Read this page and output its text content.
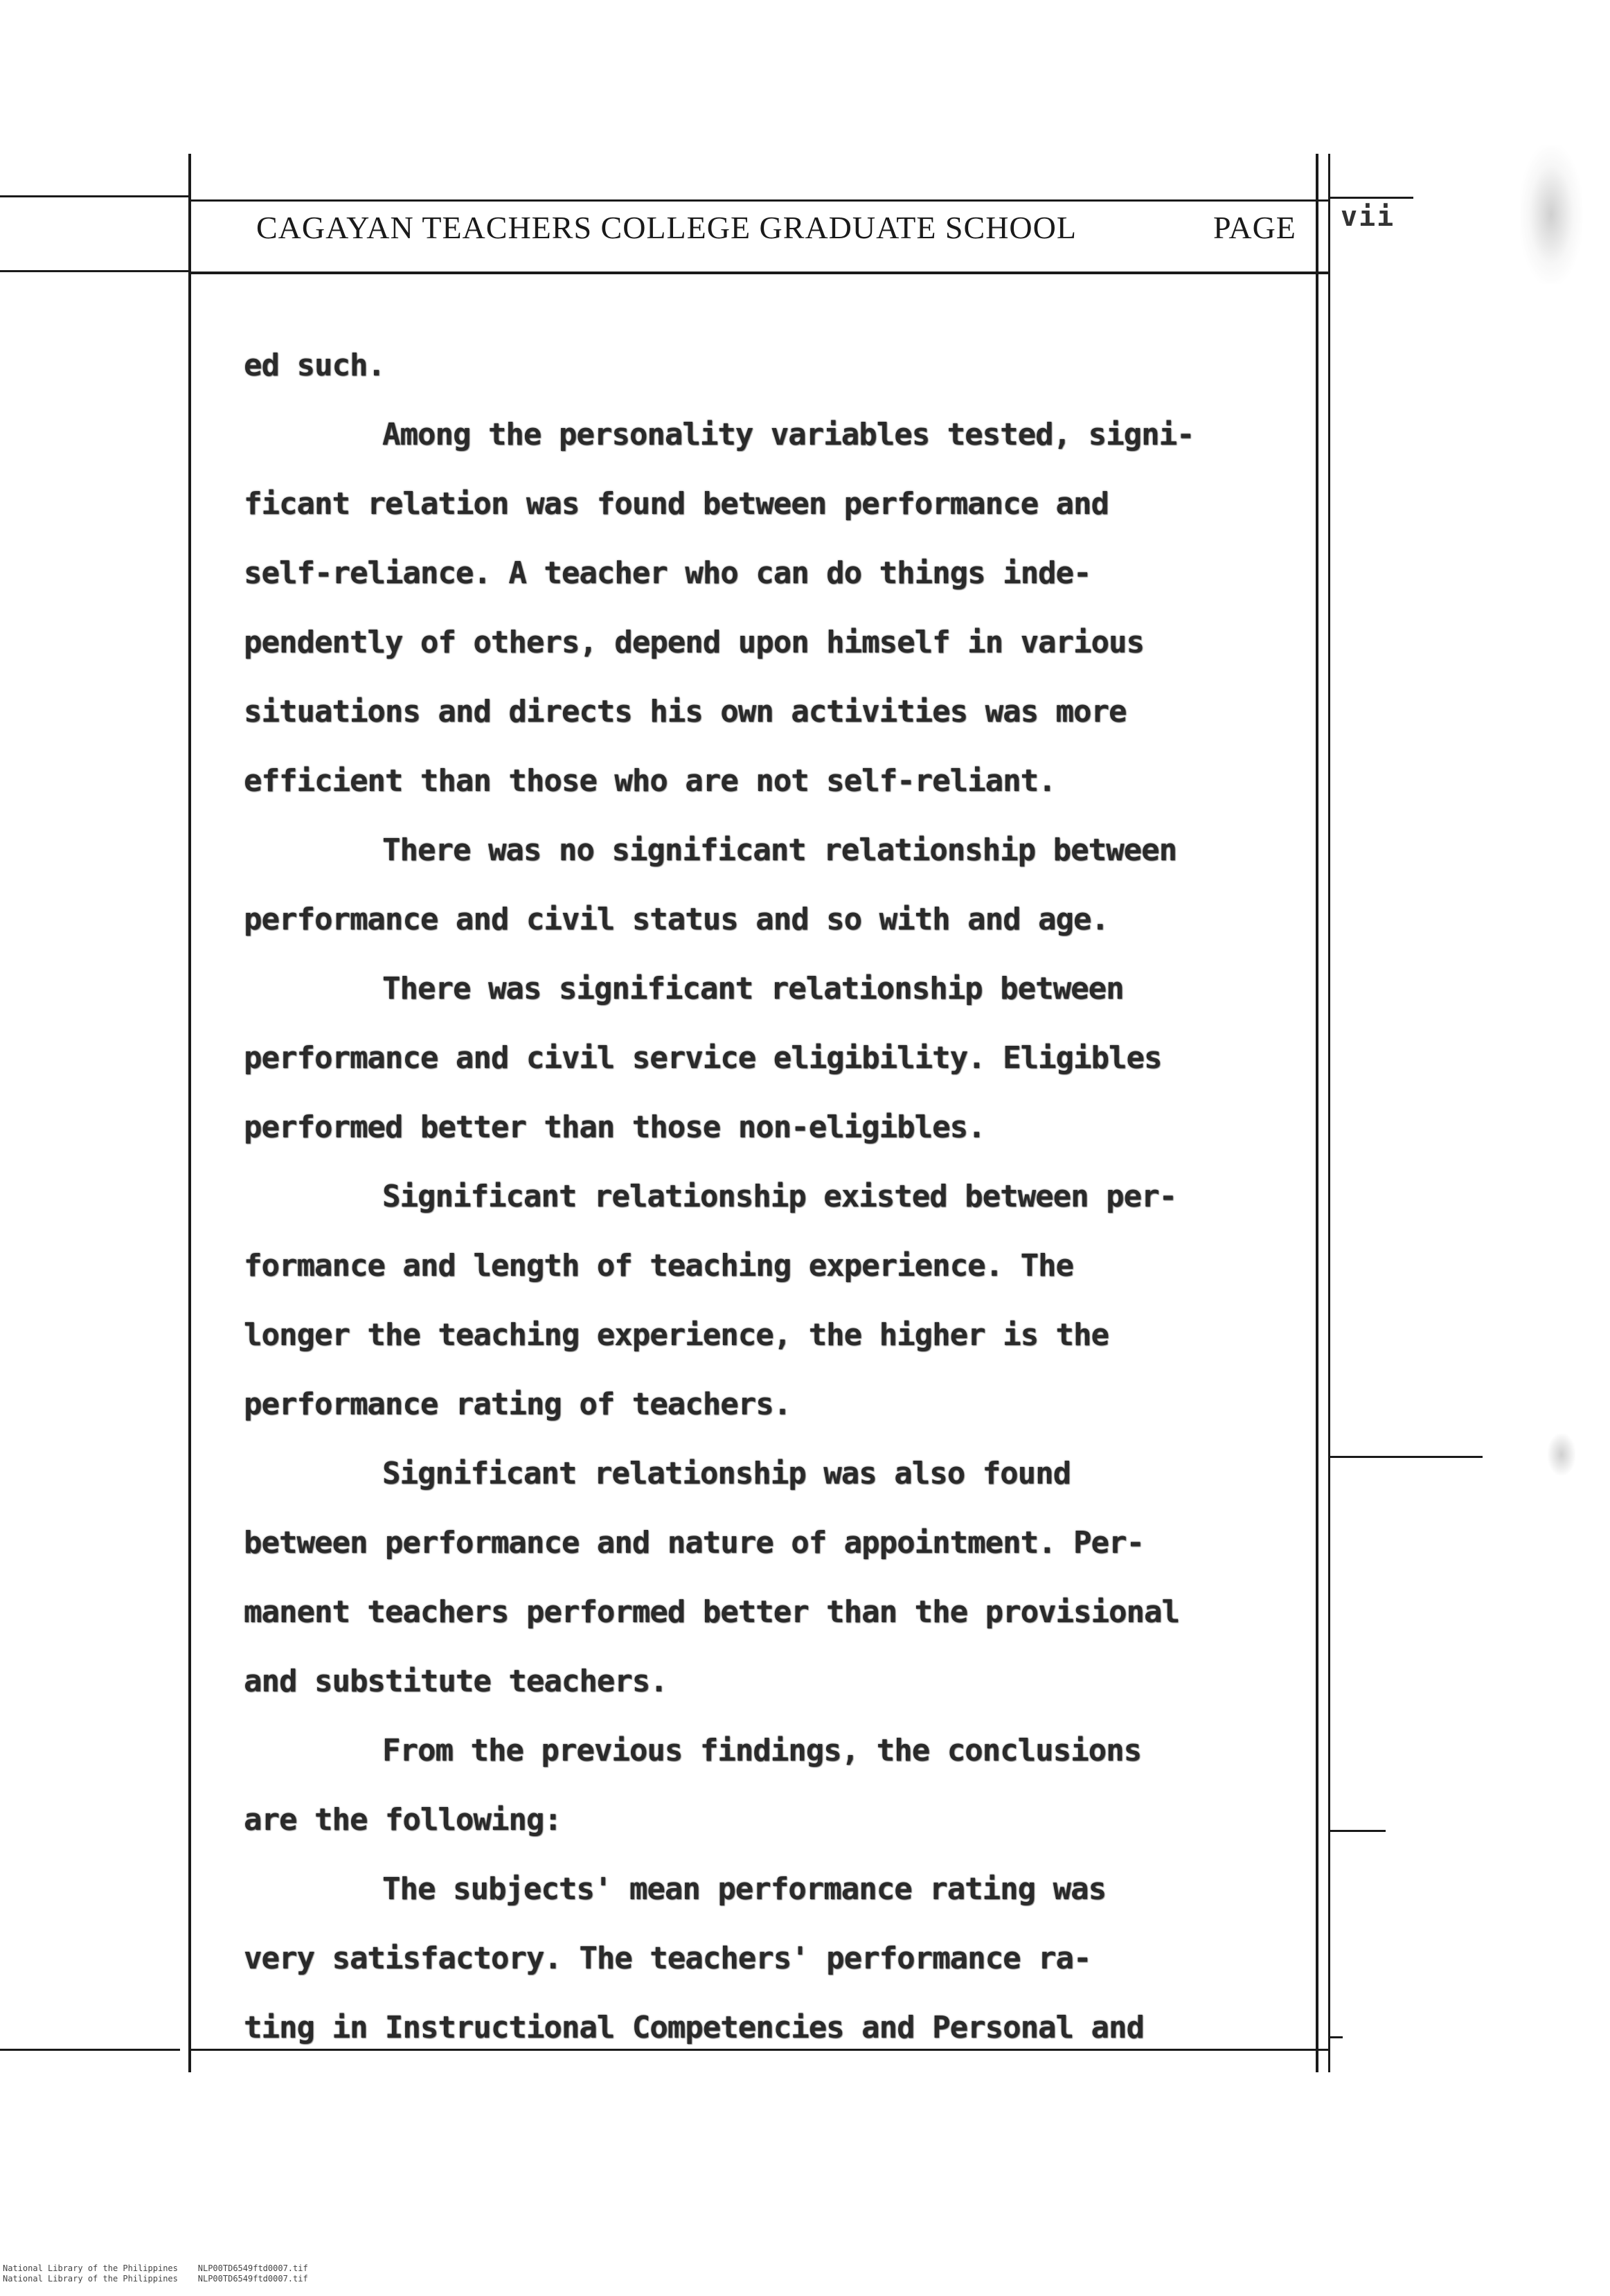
CAGAYAN TEACHERS COLLEGE GRADUATE SCHOOL	PAGE vii
ed such.
Among the personality variables tested, signi-
ficant relation was found between performance and
self-reliance. A teacher who can do things inde-
pendently of others, depend upon himself in various
situations and directs his own activities was more
efficient than those who are not self-reliant.
There was no significant relationship between
performance and civil status and so with and age.
There was significant relationship between
performance and civil service eligibility. Eligibles
performed better than those non-eligibles.
Significant relationship existed between per-
formance and length of teaching experience. The
longer the teaching experience, the higher is the
performance rating of teachers.
Significant relationship was also found
between performance and nature of appointment. Per-
manent teachers performed better than the provisional
and substitute teachers.
From the previous findings, the conclusions
are the following:
The subjects' mean performance rating was
very satisfactory. The teachers' performance ra-
ting in Instructional Competencies and Personal and
National Library of the Philippines    NLP00TD6549ftd0007.tif
National Library of the Philippines    NLP00TD6549ftd0007.tif
